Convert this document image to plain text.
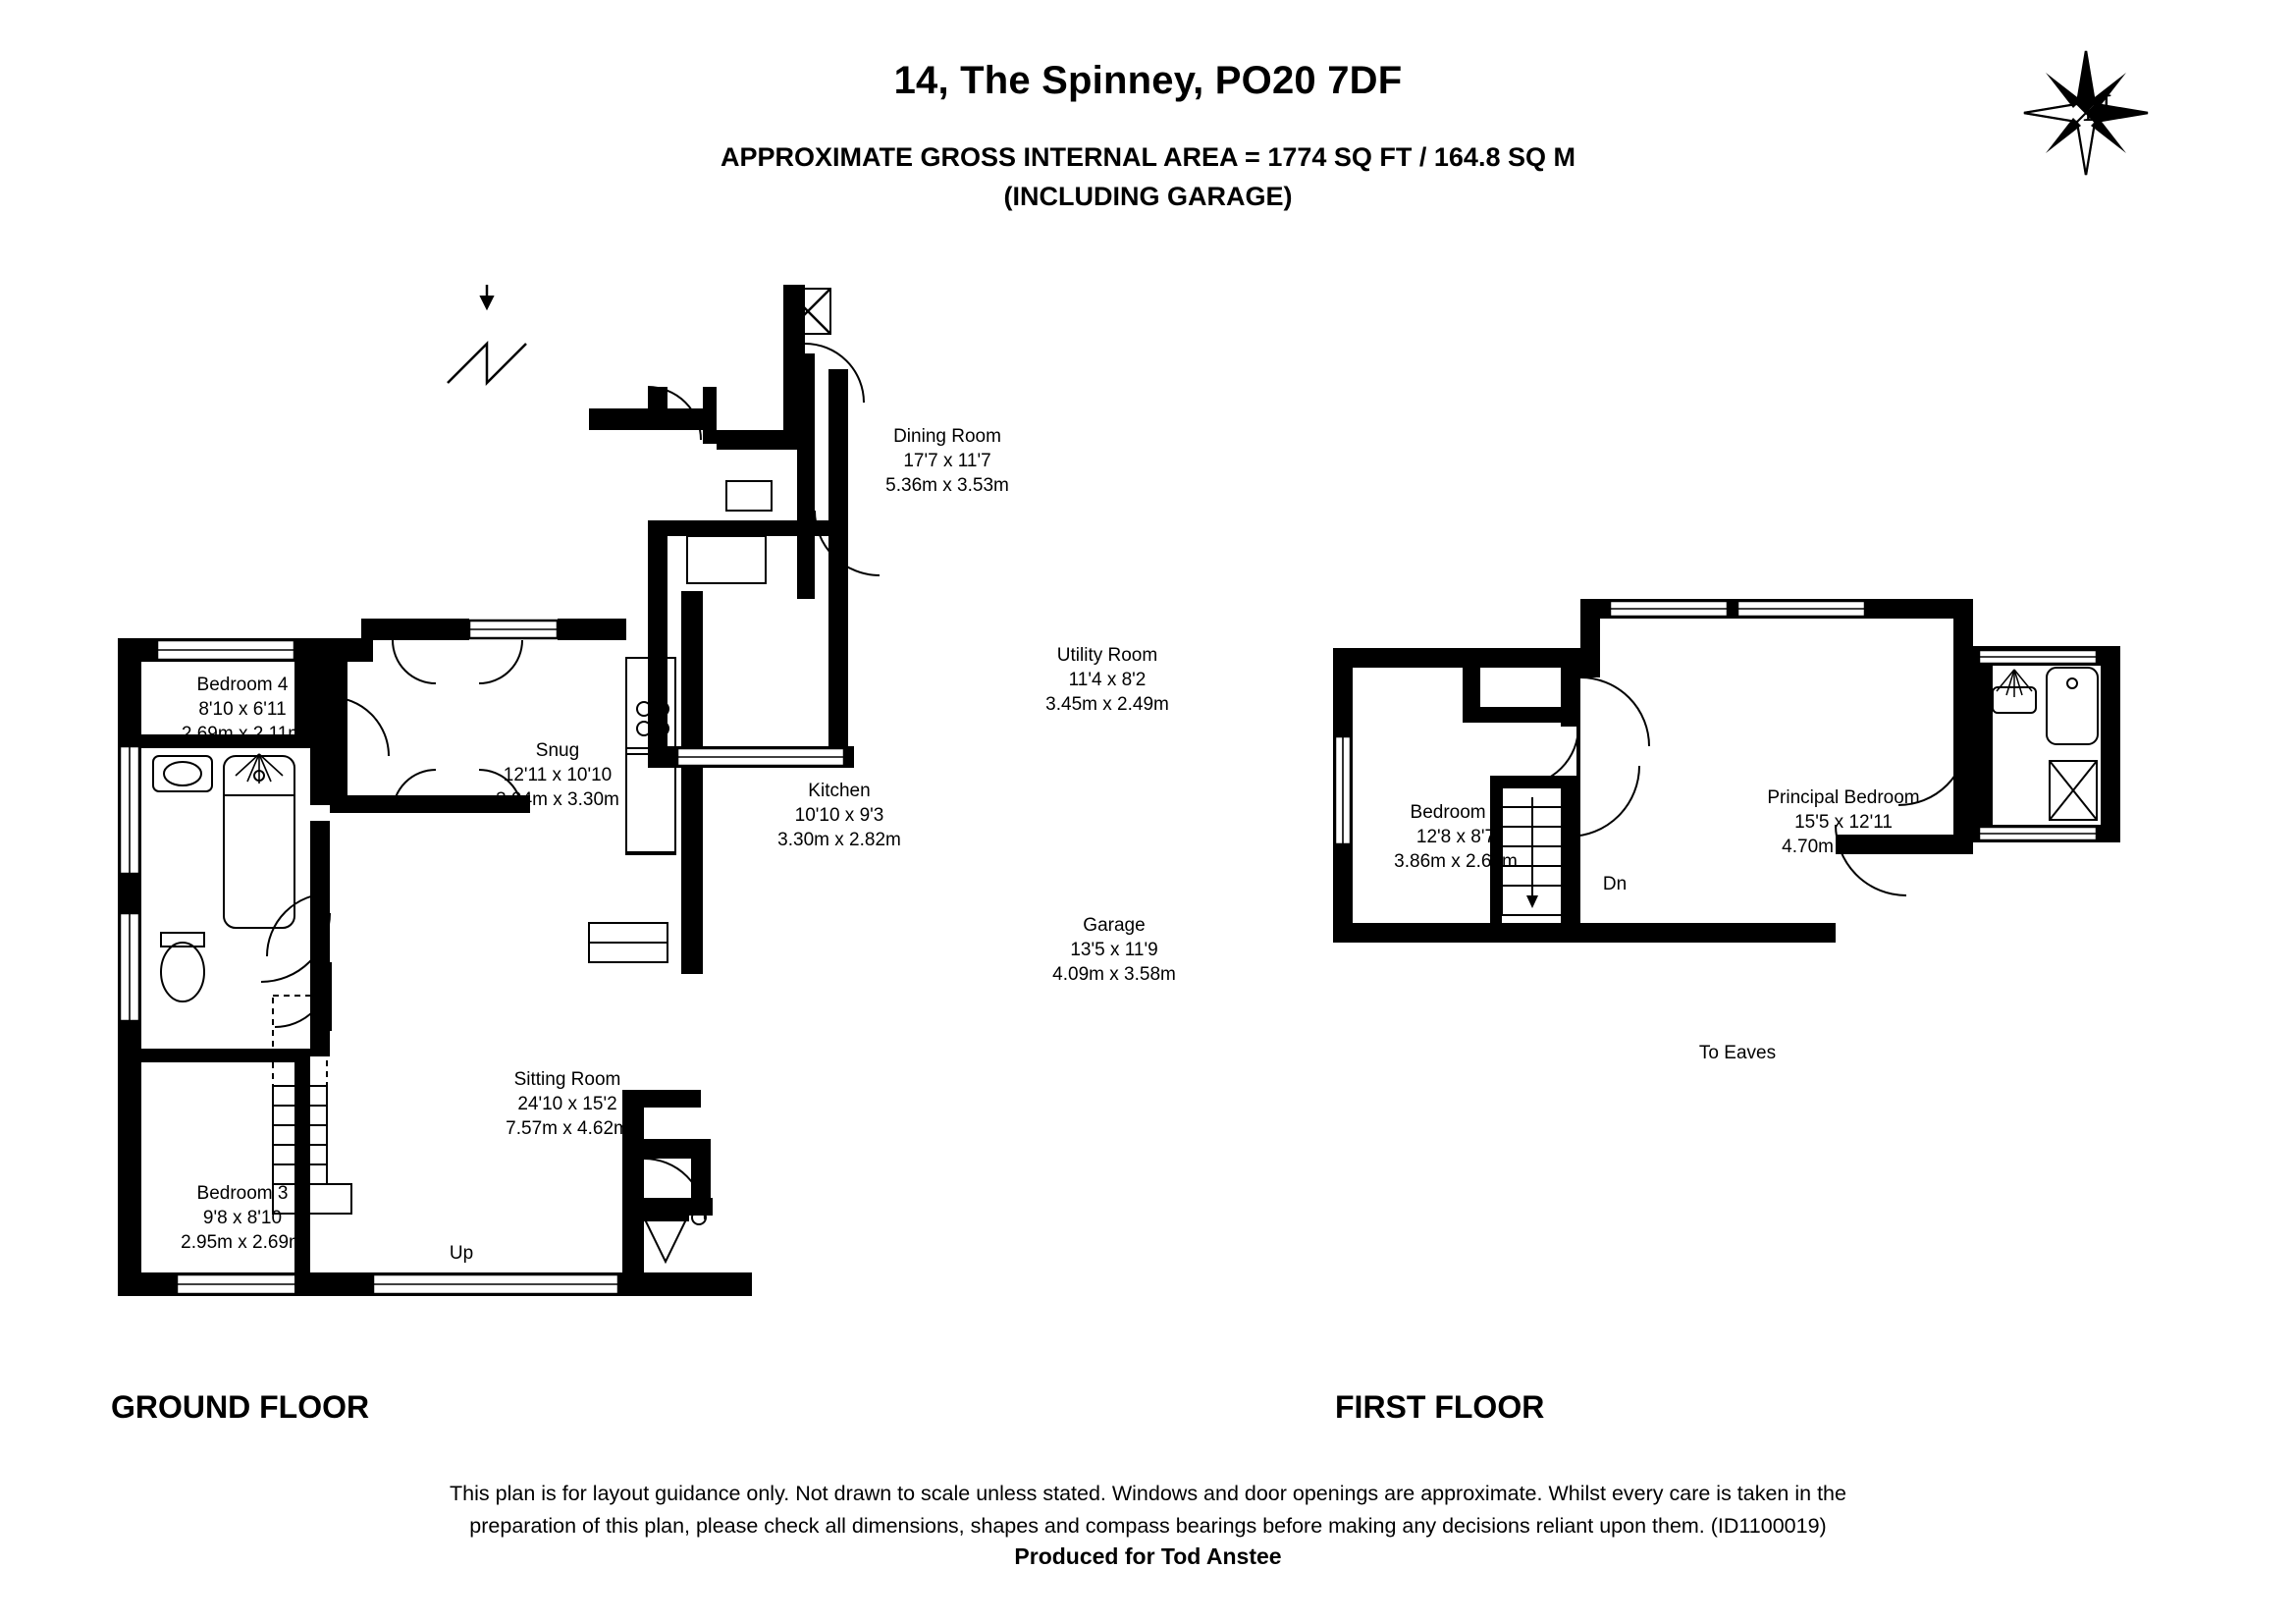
14, The Spinney, PO20 7DF
APPROXIMATE GROSS INTERNAL AREA = 1774 SQ FT / 164.8 SQ M
(INCLUDING GARAGE)
N
Bedroom 4
8'10 x 6'11
2.69m x 2.11m
Bedroom 3
9'8 x 8'10
2.95m x 2.69m
Snug
12'11 x 10'10
3.94m x 3.30m
Sitting Room
24'10 x 15'2
7.57m x 4.62m
Kitchen
10'10 x 9'3
3.30m x 2.82m
Dining Room
17'7 x 11'7
5.36m x 3.53m
Utility Room
11'4 x 8'2
3.45m x 2.49m
Garage
13'5 x 11'9
4.09m x 3.58m
Up
Bedroom 2
12'8 x 8'7
3.86m x 2.62m
Principal Bedroom
15'5 x 12'11
4.70m x 3.94m
Dn
To Eaves
GROUND FLOOR	FIRST FLOOR
This plan is for layout guidance only. Not drawn to scale unless stated. Windows and door openings are approximate. Whilst every care is taken in the
preparation of this plan, please check all dimensions, shapes and compass bearings before making any decisions reliant upon them. (ID1100019)
Produced for Tod Anstee
